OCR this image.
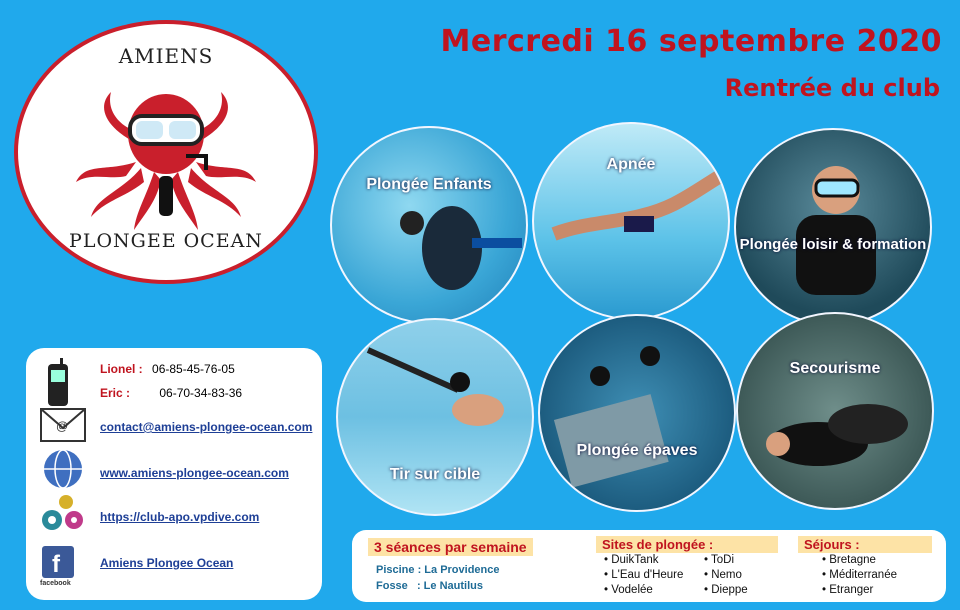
AMIENS
PLONGEE OCEAN
Mercredi 16 septembre 2020
Rentrée du club
Plongée Enfants
Apnée
Plongée loisir & formation
Tir sur cible
Plongée épaves
Secourisme
Lionel : 06-85-45-76-05
Eric : 06-70-34-83-36
@	contact@amiens-plongee-ocean.com
www.amiens-plongee-ocean.com
https://club-apo.vpdive.com
f
facebook
Amiens Plongee Ocean
3 séances par semaine
Piscine : La Providence
Fosse   : Le Nautilus
Sites de plongée :
• DuikTank
• L'Eau d'Heure
• Vodelée
• ToDi
• Nemo
• Dieppe
Séjours :
• Bretagne
• Méditerranée
• Etranger
